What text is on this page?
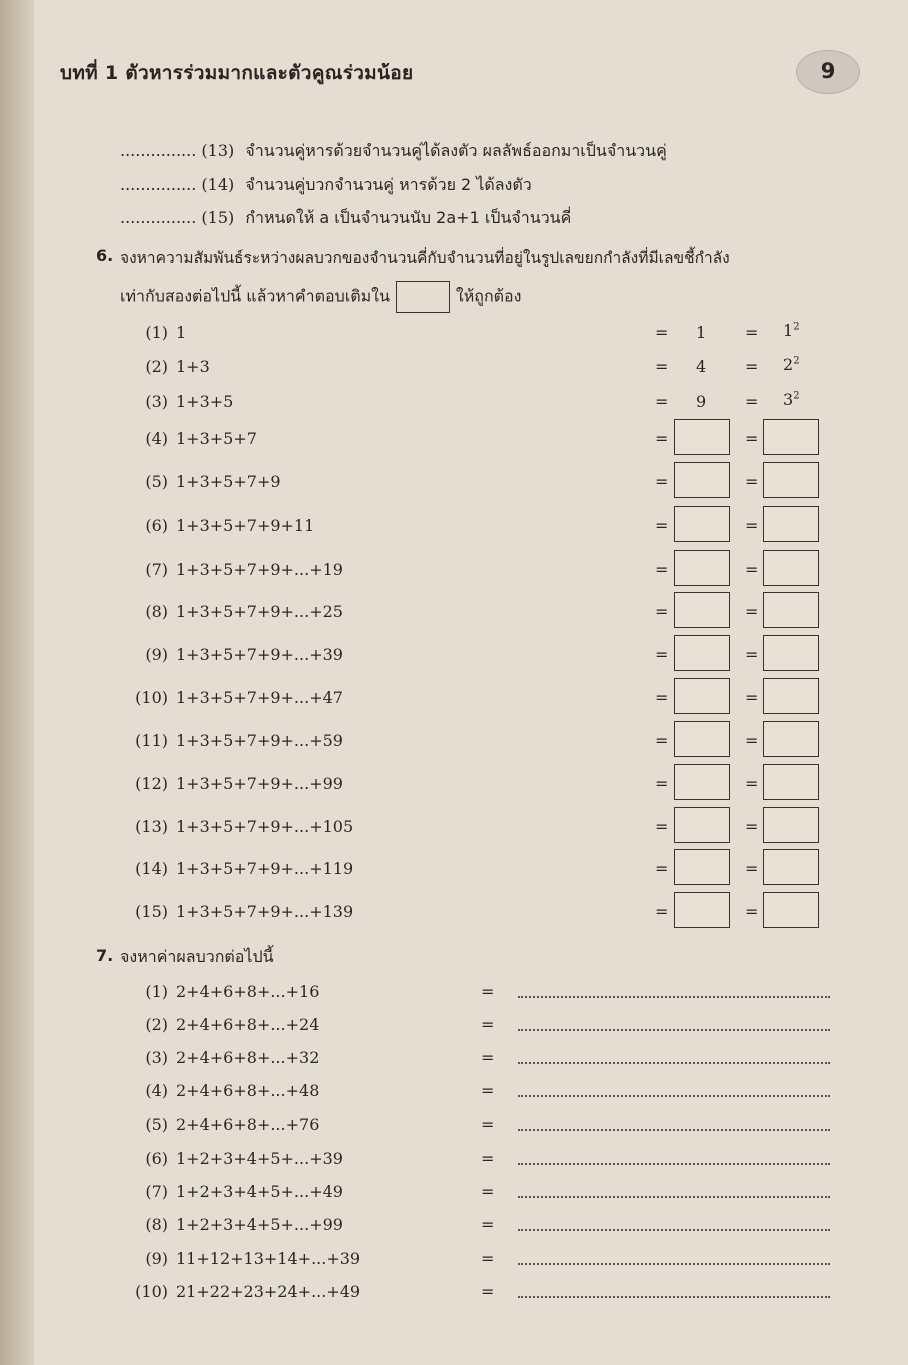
บทที่ 1 ตัวหารร่วมมากและตัวคูณร่วมน้อย	9
............... (13) จำนวนคู่หารด้วยจำนวนคู่ได้ลงตัว ผลลัพธ์ออกมาเป็นจำนวนคู่
............... (14) จำนวนคู่บวกจำนวนคู่ หารด้วย 2 ได้ลงตัว
............... (15) กำหนดให้ a เป็นจำนวนนับ 2a+1 เป็นจำนวนคี่
6. จงหาความสัมพันธ์ระหว่างผลบวกของจำนวนคี่กับจำนวนที่อยู่ในรูปเลขยกกำลังที่มีเลขชี้กำลัง
เท่ากับสองต่อไปนี้ แล้วหาคำตอบเติมใน	ให้ถูกต้อง
(1) 1	= $1 = 1^2$
(2) 1+3	= $4 = 2^2$
(3) 1+3+5	= $9 = 3^2$
(4) 1+3+5+7	=	=
(5) 1+3+5+7+9	=	=
(6) 1+3+5+7+9+11	=	=
(7) 1+3+5+7+9+...+19	=	=
(8) 1+3+5+7+9+...+25	=	=
(9) 1+3+5+7+9+...+39	=	=
(10) 1+3+5+7+9+...+47	=	=
(11) 1+3+5+7+9+...+59	=	=
(12) 1+3+5+7+9+...+99	=	=
(13) 1+3+5+7+9+...+105	=	=
(14) 1+3+5+7+9+...+119	=	=
(15) 1+3+5+7+9+...+139	=	=
7. จงหาค่าผลบวกต่อไปนี้
(1) 2+4+6+8+...+16	=
(2) 2+4+6+8+...+24	=
(3) 2+4+6+8+...+32	=
(4) 2+4+6+8+...+48	=
(5) 2+4+6+8+...+76	=
(6) 1+2+3+4+5+...+39	=
(7) 1+2+3+4+5+...+49	=
(8) 1+2+3+4+5+...+99	=
(9) 11+12+13+14+...+39	=
(10) 21+22+23+24+...+49	=
